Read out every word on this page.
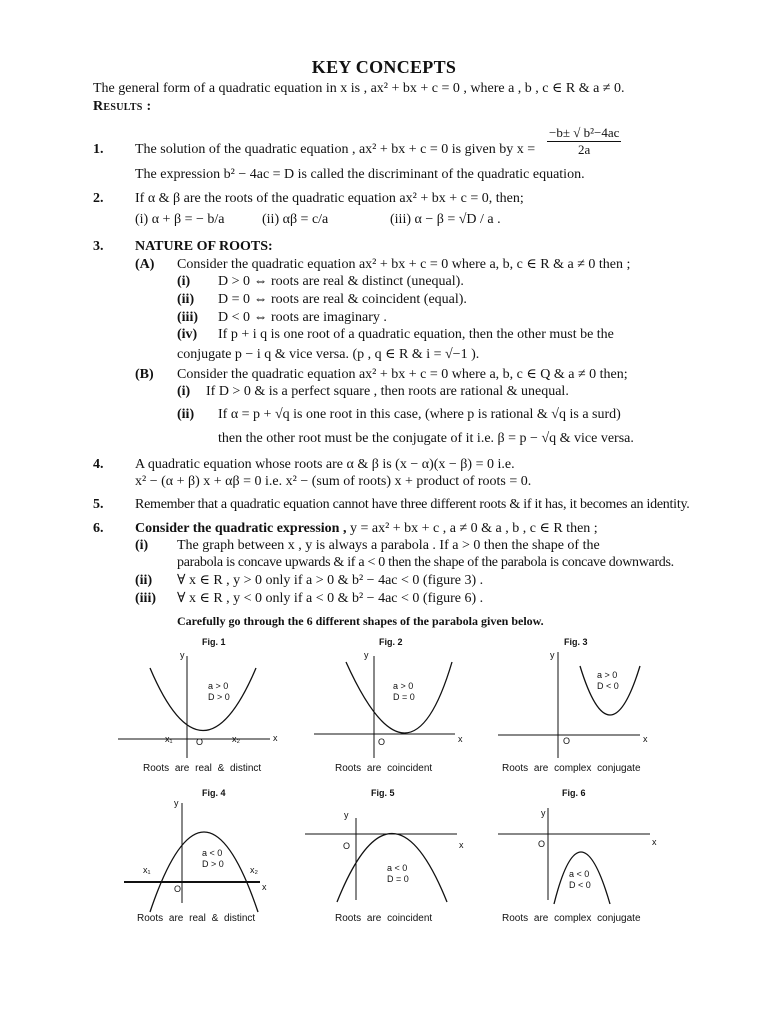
KEY CONCEPTS
The general form of a quadratic equation in x is , ax² + bx + c = 0 , where a , b , c ∈ R & a ≠ 0.
Results :
1. The solution of the quadratic equation , ax² + bx + c = 0 is given by $x = \frac{\text{−b± √ b²−4ac}}{2a}$
The expression b² − 4ac = D is called the discriminant of the quadratic equation.
2. If α & β are the roots of the quadratic equation ax² + bx + c = 0, then;
(i) α + β = − b/a	(ii) αβ = c/a	(iii) α − β = √D / a .
3. NATURE OF ROOTS:
(A) Consider the quadratic equation ax² + bx + c = 0 where a, b, c ∈ R & a ≠ 0 then ;
(i) D > 0 ⇔ roots are real & distinct (unequal).
(ii) D = 0 ⇔ roots are real & coincident (equal).
(iii) D < 0 ⇔ roots are imaginary .
(iv) If p + i q is one root of a quadratic equation, then the other must be the
conjugate p − i q & vice versa. (p , q ∈ R & i = √−1 ).
(B) Consider the quadratic equation ax² + bx + c = 0 where a, b, c ∈ Q & a ≠ 0 then;
(i) If D > 0 & is a perfect square , then roots are rational & unequal.
(ii) If α = p + √q is one root in this case, (where p is rational & √q is a surd)
then the other root must be the conjugate of it i.e. β = p − √q & vice versa.
4. A quadratic equation whose roots are α & β is (x − α)(x − β) = 0 i.e.
x² − (α + β) x + αβ = 0 i.e. x² − (sum of roots) x + product of roots = 0.
5. Remember that a quadratic equation cannot have three different roots & if it has, it becomes an identity.
6. Consider the quadratic expression , y = ax² + bx + c , a ≠ 0 & a , b , c ∈ R then ;
(i) The graph between x , y is always a parabola . If a > 0 then the shape of the
parabola is concave upwards & if a < 0 then the shape of the parabola is concave downwards.
(ii) ∀ x ∈ R , y > 0 only if a > 0 & b² − 4ac < 0 (figure 3) .
(iii) ∀ x ∈ R , y < 0 only if a < 0 & b² − 4ac < 0 (figure 6) .
Carefully go through the 6 different shapes of the parabola given below.
Fig. 1
y
x
O
x₁	x₂
a > 0
D > 0
Roots are real & distinct
Fig. 2
y
x
O
a > 0
D = 0
Roots are coincident
Fig. 3
y
x
O
a > 0
D < 0
Roots are complex conjugate
Fig. 4
y
x
O
x₁	x₂
a < 0
D > 0
Roots are real & distinct
Fig. 5
y
x
O
a < 0
D = 0
Roots are coincident
Fig. 6
y
x
O
a < 0
D < 0
Roots are complex conjugate
